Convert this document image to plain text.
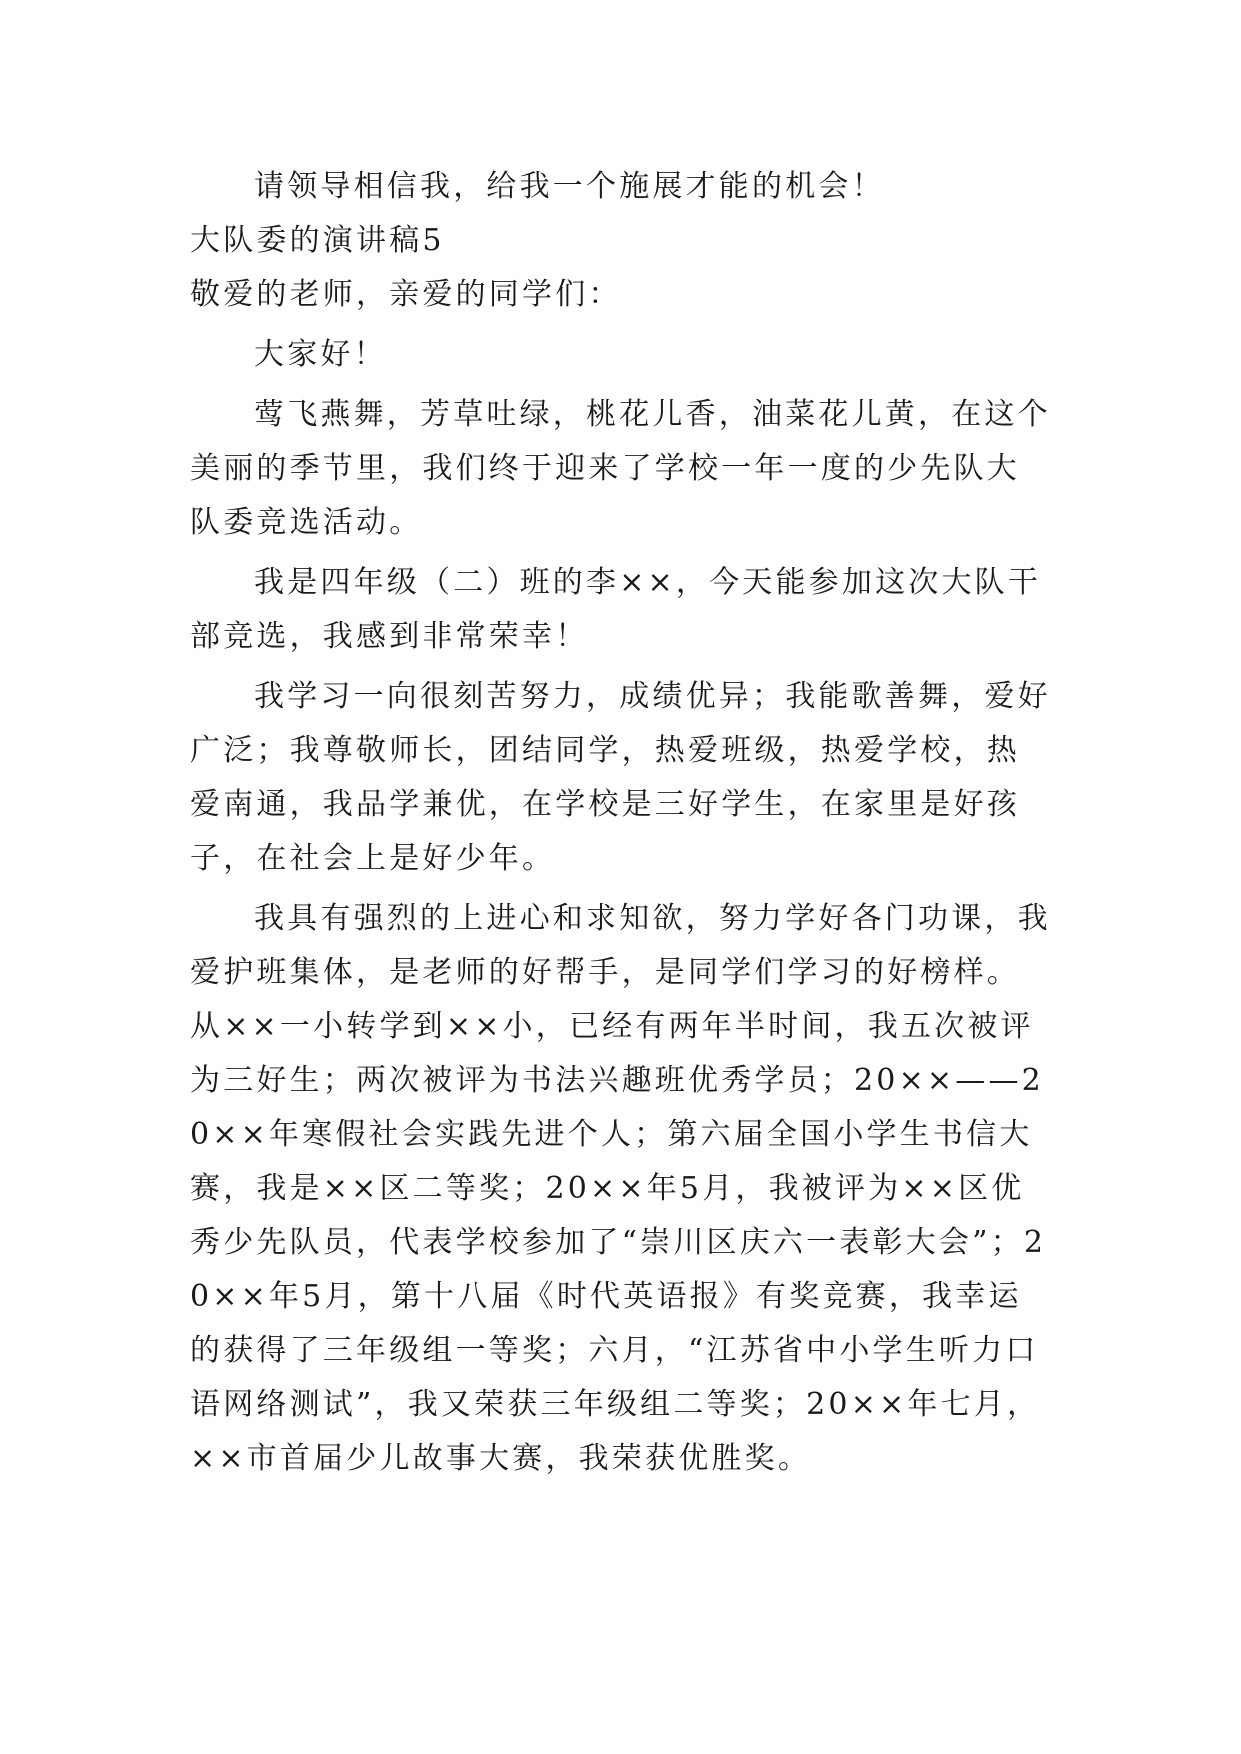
请领导相信我，给我一个施展才能的机会！

大队委的演讲稿5

敬爱的老师，亲爱的同学们：

大家好！

莺飞燕舞，芳草吐绿，桃花儿香，油菜花儿黄，在这个美丽的季节里，我们终于迎来了学校一年一度的少先队大队委竞选活动。

我是四年级（二）班的李××，今天能参加这次大队干部竞选，我感到非常荣幸！

我学习一向很刻苦努力，成绩优异；我能歌善舞，爱好广泛；我尊敬师长，团结同学，热爱班级，热爱学校，热爱南通，我品学兼优，在学校是三好学生，在家里是好孩子，在社会上是好少年。

我具有强烈的上进心和求知欲，努力学好各门功课，我爱护班集体，是老师的好帮手，是同学们学习的好榜样。从××一小转学到××小，已经有两年半时间，我五次被评为三好生；两次被评为书法兴趣班优秀学员；20××——20××年寒假社会实践先进个人；第六届全国小学生书信大赛，我是××区二等奖；20××年5月，我被评为××区优秀少先队员，代表学校参加了“崇川区庆六一表彰大会”；20××年5月，第十八届《时代英语报》有奖竞赛，我幸运的获得了三年级组一等奖；六月，“江苏省中小学生听力口语网络测试”，我又荣获三年级组二等奖；20××年七月，××市首届少儿故事大赛，我荣获优胜奖。
